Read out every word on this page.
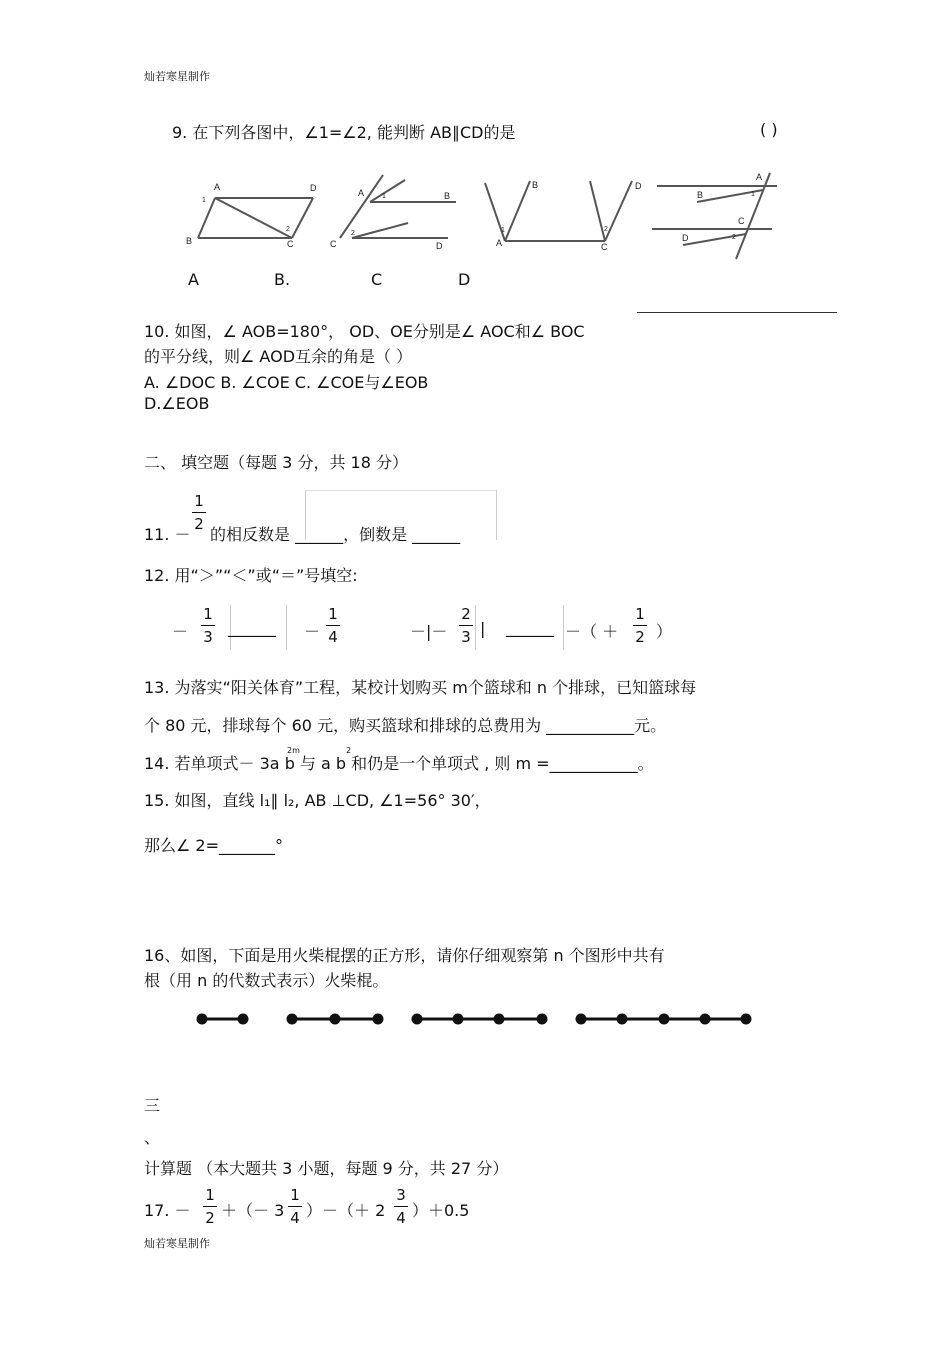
灿若寒星制作
灿若寒星制作
9. 在下列各图中，∠1=∠2, 能判断 AB∥CD的是	( )
A	D
1
B
2
C
A	1	B
2
C	D
B
1
A
2
C
D
A
B	1
C
D	2
A	B.	C	D
10. 如图，∠ AOB=180°， OD、OE分别是∠ AOC和∠ BOC
的平分线，则∠ AOD互余的角是（ ）
A. ∠DOC B. ∠COE C. ∠COE与∠EOB
D.∠EOB
二、 填空题（每题 3 分，共 18 分）
11. －
1
2
的相反数是 ______，倒数是 ______
12. 用“＞”“＜”或“＝”号填空:
－
1
3 ______ －
1
4	－|－
2
3 | ______ －（ ＋
1
2 ）
13. 为落实“阳关体育”工程，某校计划购买 m个篮球和 n 个排球，已知篮球每
个 80 元，排球每个 60 元，购买篮球和排球的总费用为 ___________元。
14. 若单项式－ 3a b 与 a b 和仍是一个单项式 , 则 m =___________。
2m	2
15. 如图，直线 l₁∥ l₂, AB ⊥CD, ∠1=56° 30′，
那么∠ 2=_______°
16、如图，下面是用火柴棍摆的正方形，请你仔细观察第 n 个图形中共有
根（用 n 的代数式表示）火柴棍。
三
、
计算题 （本大题共 3 小题，每题 9 分，共 27 分）
17. －
1
2 ＋（－ 3
1
4 ）－（＋ 2
3
4 ）＋0.5
